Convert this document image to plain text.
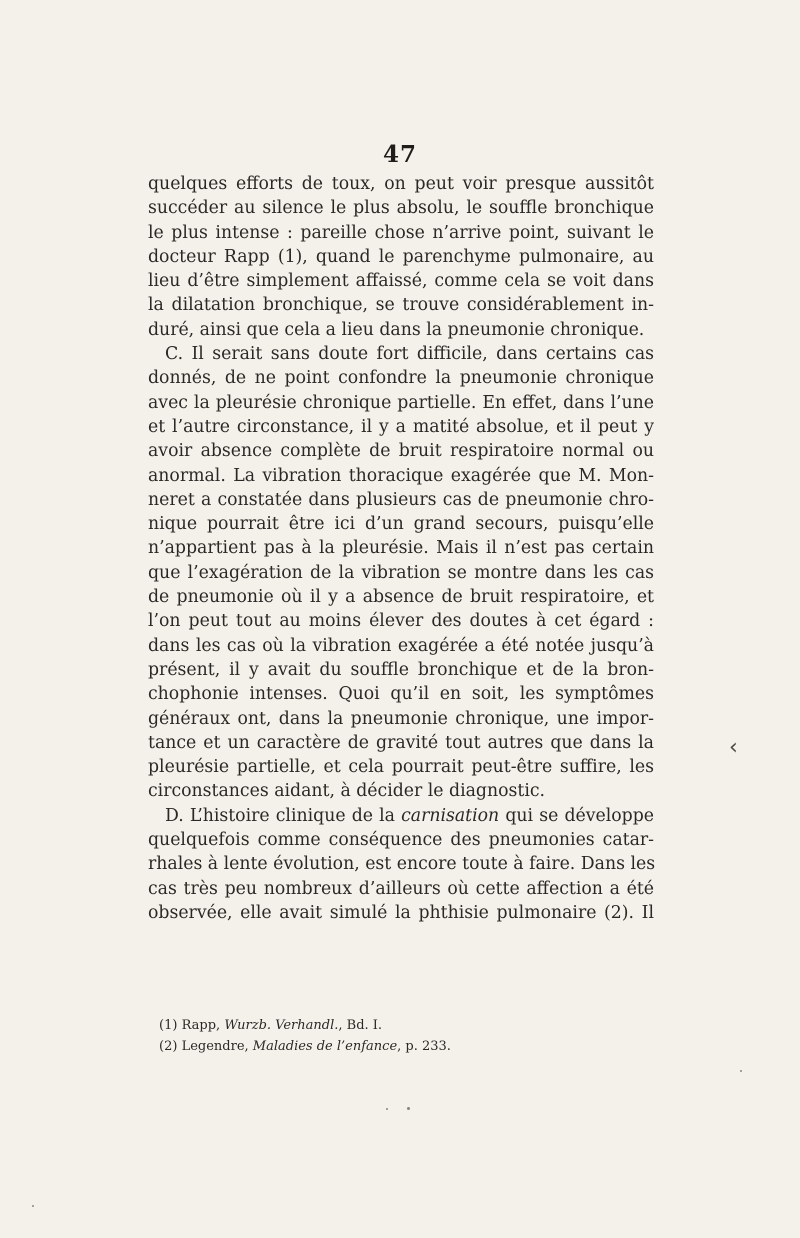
47
quelques efforts de toux, on peut voir presque aussitôt
succéder au silence le plus absolu, le souffle bronchique
le plus intense : pareille chose n’arrive point, suivant le
docteur Rapp (1), quand le parenchyme pulmonaire, au
lieu d’être simplement affaissé, comme cela se voit dans
la dilatation bronchique, se trouve considérablement in-
duré, ainsi que cela a lieu dans la pneumonie chronique.
C. Il serait sans doute fort difficile, dans certains cas
donnés, de ne point confondre la pneumonie chronique
avec la pleurésie chronique partielle. En effet, dans l’une
et l’autre circonstance, il y a matité absolue, et il peut y
avoir absence complète de bruit respiratoire normal ou
anormal. La vibration thoracique exagérée que M. Mon-
neret a constatée dans plusieurs cas de pneumonie chro-
nique pourrait être ici d’un grand secours, puisqu’elle
n’appartient pas à la pleurésie. Mais il n’est pas certain
que l’exagération de la vibration se montre dans les cas
de pneumonie où il y a absence de bruit respiratoire, et
l’on peut tout au moins élever des doutes à cet égard :
dans les cas où la vibration exagérée a été notée jusqu’à
présent, il y avait du souffle bronchique et de la bron-
chophonie intenses. Quoi qu’il en soit, les symptômes
généraux ont, dans la pneumonie chronique, une impor-
tance et un caractère de gravité tout autres que dans la
pleurésie partielle, et cela pourrait peut-être suffire, les
circonstances aidant, à décider le diagnostic.
D. L’histoire clinique de la carnisation qui se développe
quelquefois comme conséquence des pneumonies catar-
rhales à lente évolution, est encore toute à faire. Dans les
cas très peu nombreux d’ailleurs où cette affection a été
observée, elle avait simulé la phthisie pulmonaire (2). Il
(1) Rapp, Wurzb. Verhandl., Bd. I.
(2) Legendre, Maladies de l’enfance, p. 233.
‹
